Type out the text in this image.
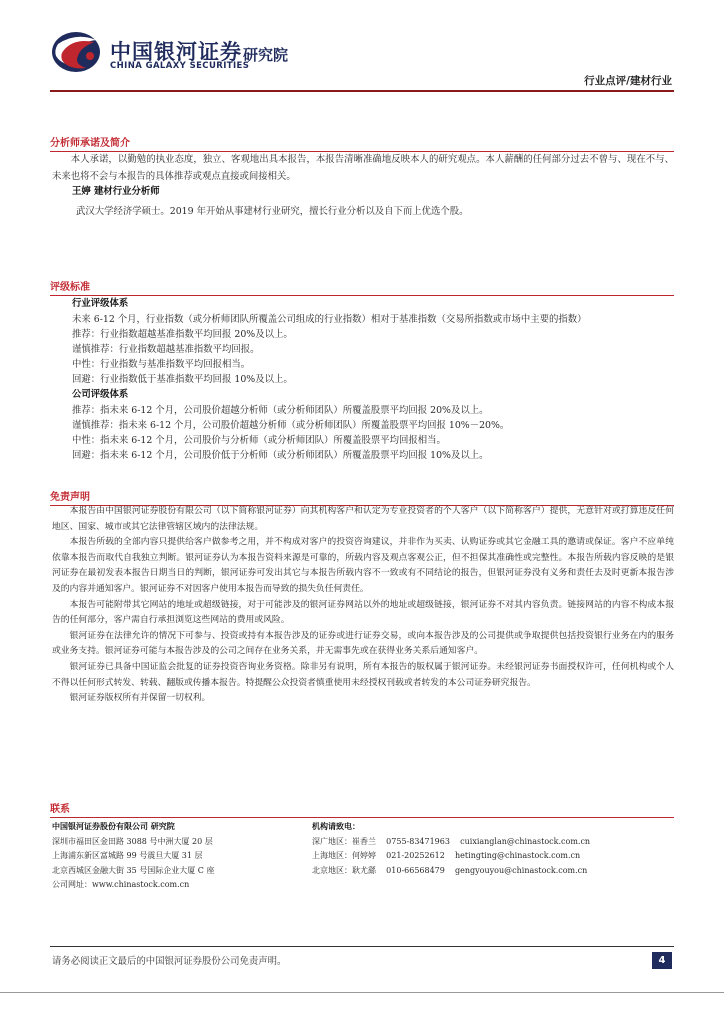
中国银河证券
CHINA GALAXY SECURITIES
研究院
行业点评/建材行业
分析师承诺及简介
本人承诺，以勤勉的执业态度，独立、客观地出具本报告，本报告清晰准确地反映本人的研究观点。本人薪酬的任何部分过去不曾与、现在不与、未来也将不会与本报告的具体推荐或观点直接或间接相关。
王婷 建材行业分析师
武汉大学经济学硕士。2019 年开始从事建材行业研究，擅长行业分析以及自下而上优选个股。
评级标准
行业评级体系
未来 6-12 个月，行业指数（或分析师团队所覆盖公司组成的行业指数）相对于基准指数（交易所指数或市场中主要的指数）
推荐：行业指数超越基准指数平均回报 20%及以上。
谨慎推荐：行业指数超越基准指数平均回报。
中性：行业指数与基准指数平均回报相当。
回避：行业指数低于基准指数平均回报 10%及以上。
公司评级体系
推荐：指未来 6-12 个月，公司股价超越分析师（或分析师团队）所覆盖股票平均回报 20%及以上。
谨慎推荐：指未来 6-12 个月，公司股价超越分析师（或分析师团队）所覆盖股票平均回报 10%－20%。
中性：指未来 6-12 个月，公司股价与分析师（或分析师团队）所覆盖股票平均回报相当。
回避：指未来 6-12 个月，公司股价低于分析师（或分析师团队）所覆盖股票平均回报 10%及以上。
免责声明
本报告由中国银河证券股份有限公司（以下简称银河证券）向其机构客户和认定为专业投资者的个人客户（以下简称客户）提供，无意针对或打算违反任何地区、国家、城市或其它法律管辖区域内的法律法规。
本报告所载的全部内容只提供给客户做参考之用，并不构成对客户的投资咨询建议，并非作为买卖、认购证券或其它金融工具的邀请或保证。客户不应单纯依靠本报告而取代自我独立判断。银河证券认为本报告资料来源是可靠的，所载内容及观点客观公正，但不担保其准确性或完整性。本报告所载内容反映的是银河证券在最初发表本报告日期当日的判断，银河证券可发出其它与本报告所载内容不一致或有不同结论的报告，但银河证券没有义务和责任去及时更新本报告涉及的内容并通知客户。银河证券不对因客户使用本报告而导致的损失负任何责任。
本报告可能附带其它网站的地址或超级链接，对于可能涉及的银河证券网站以外的地址或超级链接，银河证券不对其内容负责。链接网站的内容不构成本报告的任何部分，客户需自行承担浏览这些网站的费用或风险。
银河证券在法律允许的情况下可参与、投资或持有本报告涉及的证券或进行证券交易，或向本报告涉及的公司提供或争取提供包括投资银行业务在内的服务或业务支持。银河证券可能与本报告涉及的公司之间存在业务关系，并无需事先或在获得业务关系后通知客户。
银河证券已具备中国证监会批复的证券投资咨询业务资格。除非另有说明，所有本报告的版权属于银河证券。未经银河证券书面授权许可，任何机构或个人不得以任何形式转发、转载、翻版或传播本报告。特提醒公众投资者慎重使用未经授权刊载或者转发的本公司证券研究报告。
银河证券版权所有并保留一切权利。
联系
中国银河证券股份有限公司 研究院
深圳市福田区金田路 3088 号中洲大厦 20 层
上海浦东新区富城路 99 号震旦大厦 31 层
北京西城区金融大街 35 号国际企业大厦 C 座
公司网址：www.chinastock.com.cn
机构请致电：
深广地区：崔香兰    0755-83471963    cuixianglan@chinastock.com.cn
上海地区：何婷婷    021-20252612    hetingting@chinastock.com.cn
北京地区：耿尤繇    010-66568479    gengyouyou@chinastock.com.cn
请务必阅读正文最后的中国银河证券股份公司免责声明。	4
